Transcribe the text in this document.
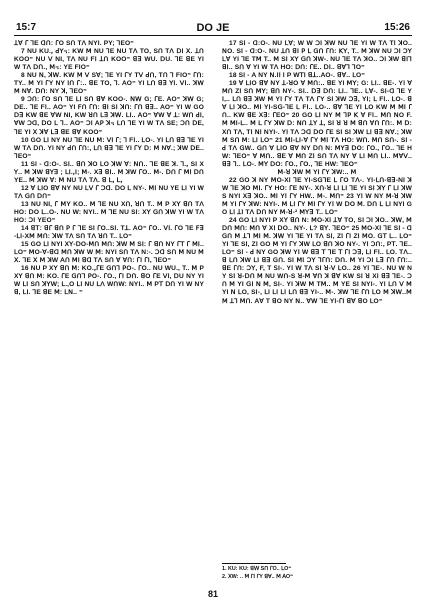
15:7	DO JE	15:26

ꓕꓯ ꓩ ꓶE ꓷꓵ: ꓩO Sꓵ Tꓥ NYI. PY; ꓶEO⁼

7 NU KU.ꓹ ꓒꓬ꓾: KW ꓟ NU ꓶE NU Tꓥ TO, Sꓵ Tꓥ ꓓꓲ ꓫ. ꓕꓵ KOO⁼ NU ꓦ NI, Tꓥ NU Fꓲ ꓕꓵ KOO⁼ ꓭꓱ WU. ꓓU. ꓶE ꓭE YI W Tꓥ ꓓꓵ., ꓟ꓾: YE FIO⁼

8 NU ꓠ, ꓘꓪ. KW ꓟ ꓦ Sꓯ; ꓶE YI ꓩY Tꓦ ꓒꓵ, Tꓵ ꓶ FIO⁼ ꓩꓵ: TY.. ꓟ YI ꓩY NY ꓲꓵ ꓩ:.. ꓭE TO, ꓶ. ꓮO⁼ YI ꓡꓵ ꓭꓱ ꓬꓲ. ꓦꓲ.. ꓘꓪ ꓟ Nꓯ. ꓓꓵ: NY ꓘ, ꓶEO⁼

9 ꓛꓵ: ꓩO Sꓵ ꓶE ꓡꓲ Sꓵ ꓭꓯ KOO-. ꓠꓪ G; ꓩE. ꓮO⁼ ꓘꓪ G; ꓓE.. ꓶE Fꓲ.. ꓮO⁼ YI ꓝꓵ ꓩꓵ: ꓭꓲ Sꓲ ꓘꓵ: ꓩꓵ ꓭꓱ.. ꓮO⁼ YI W GO ꓓꓱ KW ꓭE ꓯW NI, KW ꓤꓵ ꓡꓱ ꓘꓪ. ꓡꓲ.. ꓮO⁼ ꓯW ꓯ ꓕ: Wꓵ ꓒꓲ, ꓯW ꓛꓷ, ꓓO ꓡ ꓶ.. ꓮO⁼ ꓛꓲ ꓮꓑ ꓘ꓾ ꓡꓵ ꓶE YI W Tꓥ SE; ꓛꓵ ꓓE, ꓶE YI ꓫ ꓘꓯ ꓡꓱ ꓭE ꓭꓯ KOO⁼

10 GO ꓡꓲ NY NU ꓶE NU ꓟ: ꓦꓲ ꓩ; ꓶ Fꓲ.. ꓡO-. Yꓲ ꓡꓵ ꓭꓱ ꓶE YI W Tꓥ ꓓꓵ. YI NY ꓒꓵ ꓩꓵ:, ꓡꓵ ꓭꓱ ꓶE YI ꓩY ꓓ: ꓟ Nꓯ.; ꓘW ꓓE.. ꓶEO⁼

11 Sꓲ - ꓷ:O-. Sꓲ.. ꓭꓵ ꓘO ꓡO ꓘW ꓯ: ꓠꓵ.. ꓶE ꓭE ꓘ. ꓶ.ꓹ Sꓲ Xꓬ.. ꓟ ꓘW ꓭꓬꓱ ; ꓡꓲ.ꓹꓲ; ꓟ-. Xꓱ ꓭꓲ.. ꓟ ꓘW ꓩO.. ꓟ-. ꓓꓵ ꓩ ꓟꓲ ꓓꓵ YE.. ꓟ ꓘW ꓯ: ꓟ NU Tꓥ Tꓥ. ꓭ ꓡꓹ ꓡꓹ

12 ꓯ ꓡꓲO ꓭꓯ NY NU ꓡꓦ ꓩ ꓛꓷ. ꓓO ꓡ NY-. ꓟꓲ NU YE ꓡꓲ YI W Tꓥ ꓖꓵ ꓓꓵ⁼

13 NU NI, ꓩ ꓟY KO.. ꓟ ꓶE NU Xꓵ, ꓤꓵ T.. ꓟ P Xꓬ ꓭꓵ Tꓥ HO: ꓓO ꓡ..O-. NU W: NYI.. ꓟ ꓶE NU Sꓲ: Xꓬ ꓖꓵ ꓘW YI W Tꓥ HO: ꓛꓲ YEO⁼

14 ꓭꓔ: ꓭꓩ ꓭꓵ ꓑ ꓩ ꓶE Sꓲ ꓩO..Sꓲ. Tꓕ. ꓮO⁼ ꓩO.. ꓦꓲ. ꓩO ꓶE ꓝꓱ-ꓡꓲ-Xꓟ ꓟꓵ: ꓘW Tꓥ Sꓵ Tꓥ ꓤꓵ T.. ꓡO⁼

15 GO ꓡꓲ NYI Xꓬ-ꓓO-ꓟꓵ ꓟꓵ: ꓘW ꓟ Sꓲ: ꓩ ꓭꓵ NY ꓩꓔ ꓩ ꓟꓲ.. ꓡO⁼ ꓟO-ꓯ-ꓭꓷ ꓟꓵ ꓘW W ꓟ: NYI Sꓵ Tꓥ N:-. ꓛꓷ Sꓵ ꓟ NU ꓟ ꓫ. ꓶE ꓫ ꓟ ꓘW ꓮꓵ ꓟꓲ ꓭꓷ Tꓥ Sꓵ ꓯ ꓯꓵ: ꓩꓲ ꓩꓲ, ꓶEO⁼

16 NU P Xꓬ ꓭꓵ ꓟ: KO.ꓹꓩE ꓖꓵ⅂ ꓑO-. ꓩO.. NU WU., T.. ꓟ P Xꓬ ꓭꓵ ꓟ: KO. ꓩE ꓖꓵ⅂ ꓑO-. ꓩO., ꓩꓲ ꓓꓵ. ꓭO ꓩE ꓦꓲ, ꓓU NY YI W ꓡꓲ Sꓵ ꓘꓬW; ꓡ.,O ꓡꓲ NU ꓡꓥ WꓵW: NYI.. ꓟ Pꓔ ꓓꓵ YI W NY ꓭ, ꓡꓲ. ꓶE ꓭE ꓟ: ꓡꓠ.. ⁼

17 Sꓲ - ꓷ:O-. NU ꓡꓯ; W W ꓛꓲ ꓘW NU ꓶE YI W Tꓥ Tꓲ ꓘO.. ꓠO. Sꓲ - ꓷ:O-. NU ꓕꓵ ꓭꓲ ꓑ ꓡ ꓖꓵ ꓩꓵ: ꓗꓬ, T.. ꓟ ꓘW NU ꓛꓲ ꓛꓬ ꓡꓯ YI ꓶE Tꓟ T.. ꓟ Sꓲ Xꓬ ꓖꓵ ꓘW-. NU ꓶE Tꓥ ꓘO.. ꓛꓲ ꓘW ꓭꓲ⅂ ꓭꓲ.. Sꓵ ꓯ YI W Tꓥ HO: ꓓꓵ: ꓩE.. ꓓꓲ.. ꓭꓯ⅂ ꓶO⁼

18 Sꓲ - ꓮ NY ꓠ.ꓲꓲ ꓲ P Wꓔꓲ ꓭꓕ..ꓮO-. ꓭꓯ.. ꓡO⁼

19 ꓯ ꓡꓲO ꓭꓯ NY ꓕ-ꓤO ꓯ ꓟꓵ:.. ꓭE YI ꓟꓬ; G: ꓡꓲ.. ꓭE-. Yꓲ ꓯ ꓟꓵ Zꓲ Sꓵ ꓟꓬ; ꓭꓵ NY-. Sꓲ.. ꓓꓱ ꓓꓵ: ꓡꓲ.. ꓶE.. ꓡꓯ-. Sꓲ-ꓷ ꓶE Yꓲ,.. ꓡꓵ ꓭꓱ ꓘW ꓟ Yꓲ ꓩY Tꓥ Tꓥ ꓩY Sꓲ ꓘW ꓛꓱ, Yꓲ; ꓡ Fꓲ.. ꓡO-. ꓭꓯ ꓡꓲ ꓘO.. ꓟꓲ Yꓲ-Sꓖ-ꓶE ꓡ Fꓲ.. ꓡO-.. ꓭꓯ ꓶE Yꓲ ꓡO KW ꓟ ꓟꓲ ꓩꓵ.. KW ꓭE Xꓱ: ꓩEO⁼ 20 GO ꓡꓲ NY ꓟ ꓶꓑ ꓗ ꓯ Fꓲ.. ꓟꓵ ꓠO F. ꓟ ꓟꓲ-ꓡ.. ꓟ ꓡ ꓩY ꓘW ꓓ: ꓠꓵ ꓕꓬ ꓕ, Sꓲ ꓤ ꓤ ꓟ ꓭꓵ ꓯꓵ ꓩꓵ:. ꓟ ꓓ: Xꓵ Tꓥ, Tꓲ ꓠꓲ NYI-. Yꓲ Tꓥ ꓛꓷ ꓓO ꓩE Sꓲ Sꓲ ꓘW ꓡꓲ ꓭꓱ ꓠꓯ.; ꓘW ꓟ Sꓵ ꓟ: ꓡꓲ ꓡO⁼ 21 ꓟꓲ-ꓡꓲ-ꓯ ꓩY ꓟꓲ Tꓥ HO: Wꓵ. ꓟꓵ Sꓵ-. Sꓲ - ꓒ Tꓥ ꓖW.. ꓖꓵ ꓯ ꓡꓲO ꓭꓯ NY ꓓꓵ N: ꓟꓬꓱ ꓓO: ꓩO., ꓩO.. ꓶE HW: ꓶEO⁼ ꓯ ꓟꓵ.. ꓭE ꓯ ꓟꓵ Zꓲ Sꓵ Tꓥ NY ꓯ ꓡꓲ ꓟꓵ ꓡꓲ.. ꓟꓯꓦ.. ꓭꓱ ꓶ.. ꓡO-. ꓟꓬ ꓓO: ꓩO., ꓩO., ꓶE HW: ꓶEO⁼

ꓟ-ꓤ ꓘW ꓟ Yꓲ ꓩY ꓘW:.. ꓟ

22 GO ꓘ NY ꓟO-Xꓲ ꓶE Yꓲ-SꓖꓶE ꓡ ꓩO Tꓥ-. Yꓲ-ꓡꓵ-ꓭꓱ-Nꓲ ꓘW ꓶE ꓘO ꓟꓲ. ꓩY HO: ꓩE NY-. Xꓵ-ꓤ ꓡꓲ ꓡꓲ ꓶE YI Sꓲ ꓘꓬ ꓩ ꓡꓲ ꓘW S NYI Xꓱ ꓘO.. ꓟꓲ Yꓲ ꓩY HW.. ꓟ-. ꓟꓵ⁼ 23 Yꓲ W NY ꓟ-ꓤ ꓘW ꓟ Yꓲ ꓩY ꓘW: NYI-. ꓟ ꓡꓲ ꓩY ꓟꓲ ꓩY Yꓲ W ꓓO ꓟ. ꓓꓵ ꓡ ꓡꓲ NYI GO ꓡꓲ ꓕꓲ Tꓥ ꓓꓵ NY ꓟ-ꓤ-² ꓟꓬꓱ T.. ꓡO⁼

24 GO ꓡꓲ NYI P Xꓬ ꓭꓵ N: ꓟO-Xꓲ ꓕꓯ TO, Sꓲ ꓛꓲ ꓘO.. ꓘꓪ, ꓟ ꓓꓵ ꓟꓵ: ꓟꓵ ꓯ Xꓲ ꓓO.. NY-. ꓡ? ꓭꓬ. ꓶEO⁼ 25 ꓟO-Xꓲ ꓶE Sꓲ - ꓷ ꓖꓵ ꓟ ꓕꓶ ꓟꓲ ꓟ. ꓘꓪ YI ꓶE YI Tꓥ Sꓲ, Zꓲ ꓩꓲ Zꓲ ꓟO. ꓖꓔ ꓡ.. ꓡO⁼ YI ꓶE Sꓲ, Zꓲ GO ꓟ Yꓲ ꓩY ꓘW ꓡO ꓭꓵ ꓘO NY-. Yꓲ ꓛꓵ:, Pꓔ. ꓶE.. ꓡO⁼ Sꓲ - ꓒ NY GO ꓘW Yꓲ W ꓭꓱ ꓔ ꓶE ꓔ ꓩꓲ ꓛꓱ, ꓡꓲ Fꓲ.. ꓡO. Tꓥ.. ꓭ ꓡꓵ ꓘW ꓡꓲ ꓭꓱ ꓖꓵ. Sꓲ ꓟꓲ ꓛꓬ ꓶꓩꓵ: ꓓꓵ. ꓟ YI ꓛꓲ ꓡꓱ ꓩꓵ ꓩꓵ:.. ꓭE ꓩꓵ: ꓛꓬ, F, T ꓢꓲ-. Yꓲ W Tꓥ Sꓲ ꓤ-ꓦ ꓡO.. 26 Yꓲ ꓶE-. NU W NY Sꓲ ꓤ-ꓓꓵ ꓟ NU Wꓵ-S ꓤ-ꓟ ꓯꓵ ꓘ ꓭꓯ KW Sꓲ ꓤ Xꓲ ꓭꓱ ꓶE-. ꓛꓵ ꓟ YI ꓖꓲ ꓠ ꓟ, Sꓲ-. YI ꓘW ꓟ Tꓟ.. ꓟ YE Sꓲ NYI-. Yꓲ ꓡꓵ ꓦ ꓟ YI ꓠ ꓡO, Sꓲ-, ꓡꓲ ꓡꓲ ꓡꓲ ꓡꓵ ꓭꓱ YI-.. ꓟ-. ꓘW ꓶE ꓩꓵ ꓡO ꓟ ꓘꓪ..ꓟ ꓟ ꓕꓶ ꓟꓵ. ꓮꓯ T ꓭO NY ꓠ.. ꓯꓪ ꓶE Yꓲ-ꓩꓲ ꓭꓯ ꓭO ꓡO⁼

1. KU: KU: ꓭꓪ Sꓵ ꓩO.. ꓡO⁼
2. ꓫW: .. ꓟ ꓩꓲ ꓩY ꓭꓯ.. ꓟ ꓮO⁼
81
